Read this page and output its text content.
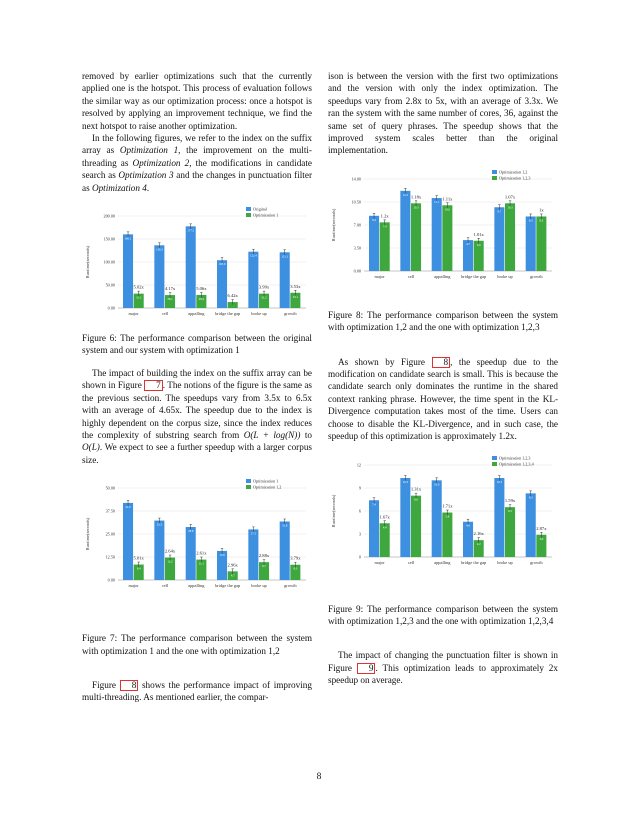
removed by earlier optimizations such that the currently applied one is the hotspot. This process of evaluation follows the similar way as our optimization process: once a hotspot is resolved by applying an improvement technique, we find the next hotspot to raise another optimization.

In the following figures, we refer to the index on the suffix array as Optimization 1, the improvement on the multi-threading as Optimization 2, the modifications in candidate search as Optimization 3 and the changes in punctuation filter as Optimization 4.

Runtime(seconds)
0.00
50.00
100.00
150.00
200.00
Original
Optimization 1
160.1
31.2
5.02x
major
136.3
28.1
4.17x
cell
177.5
28.4
5.06x
appalling
103.9
6.42x
bridge the gap
122.4
31.2
3.99x
broke up
121.1
33.1
3.53x
growth

Figure 6: The performance comparison between the original system and our system with optimization 1

The impact of building the index on the suffix array can be shown in Figure 7 . The notions of the figure is the same as the previous section. The speedups vary from 3.5x to 6.5x with an average of 4.65x. The speedup due to the index is highly dependent on the corpus size, since the index reduces the complexity of substring search from O(L + log(N)) to O(L). We expect to see a further speedup with a larger corpus size.

Runtime(seconds)
0.00
12.50
25.00
37.50
50.00
Optimization 1
Optimization 1,2
41.9
8.4
5.01x
major
32.3
12.2
2.64x
cell
28.8
11.1
2.61x
appalling
15.8
4.7
2.96x
bridge the gap
27.5
9.7
2.88x
broke up
31.8
8.3
3.79x
growth

Figure 7: The performance comparison between the system with optimization 1 and the one with optimization 1,2

Figure 8 shows the performance impact of improving multi-threading. As mentioned earlier, the compar-

ison is between the version with the first two optimizations and the version with only the index optimization. The speedups vary from 2.8x to 5x, with an average of 3.3x. We ran the system with the same number of cores, 36, against the same set of query phrases. The speedup shows that the improved system scales better than the original implementation.

Runtime(seconds)
0.00
3.50
7.00
10.50
14.00
Optimization 1,2
Optimization 1,2,3
8.4
7.4
1.2x
major
12.2
10.3
1.18x
cell
11.1
10.0
1.11x
appalling
4.7 4.6
1.01x
bridge the gap
9.7
10.3
1.07x
broke up
8.3 8.3
1x
growth

Figure 8: The performance comparison between the system with optimization 1,2 and the one with optimization 1,2,3

As shown by Figure 8 , the speedup due to the modification on candidate search is small. This is because the candidate search only dominates the runtime in the shared context ranking phrase. However, the time spent in the KL-Divergence computation takes most of the time. Users can choose to disable the KL-Divergence, and in such case, the speedup of this optimization is approximately 1.2x.

Runtime(seconds)
0
3
6
9
12
Optimization 1,2,3
Optimization 1,2,3,4
7.4
4.4
1.67x
major
10.3
8.0
1.31x
cell
10.0
5.8
1.71x
appalling
4.6
2.2
2.16x
bridge the gap
10.3
6.5
1.59x
broke up
8.3
2.9
2.87x
growth

Figure 9: The performance comparison between the system with optimization 1,2,3 and the one with optimization 1,2,3,4

The impact of changing the punctuation filter is shown in Figure 9 . This optimization leads to approximately 2x speedup on average.

8
